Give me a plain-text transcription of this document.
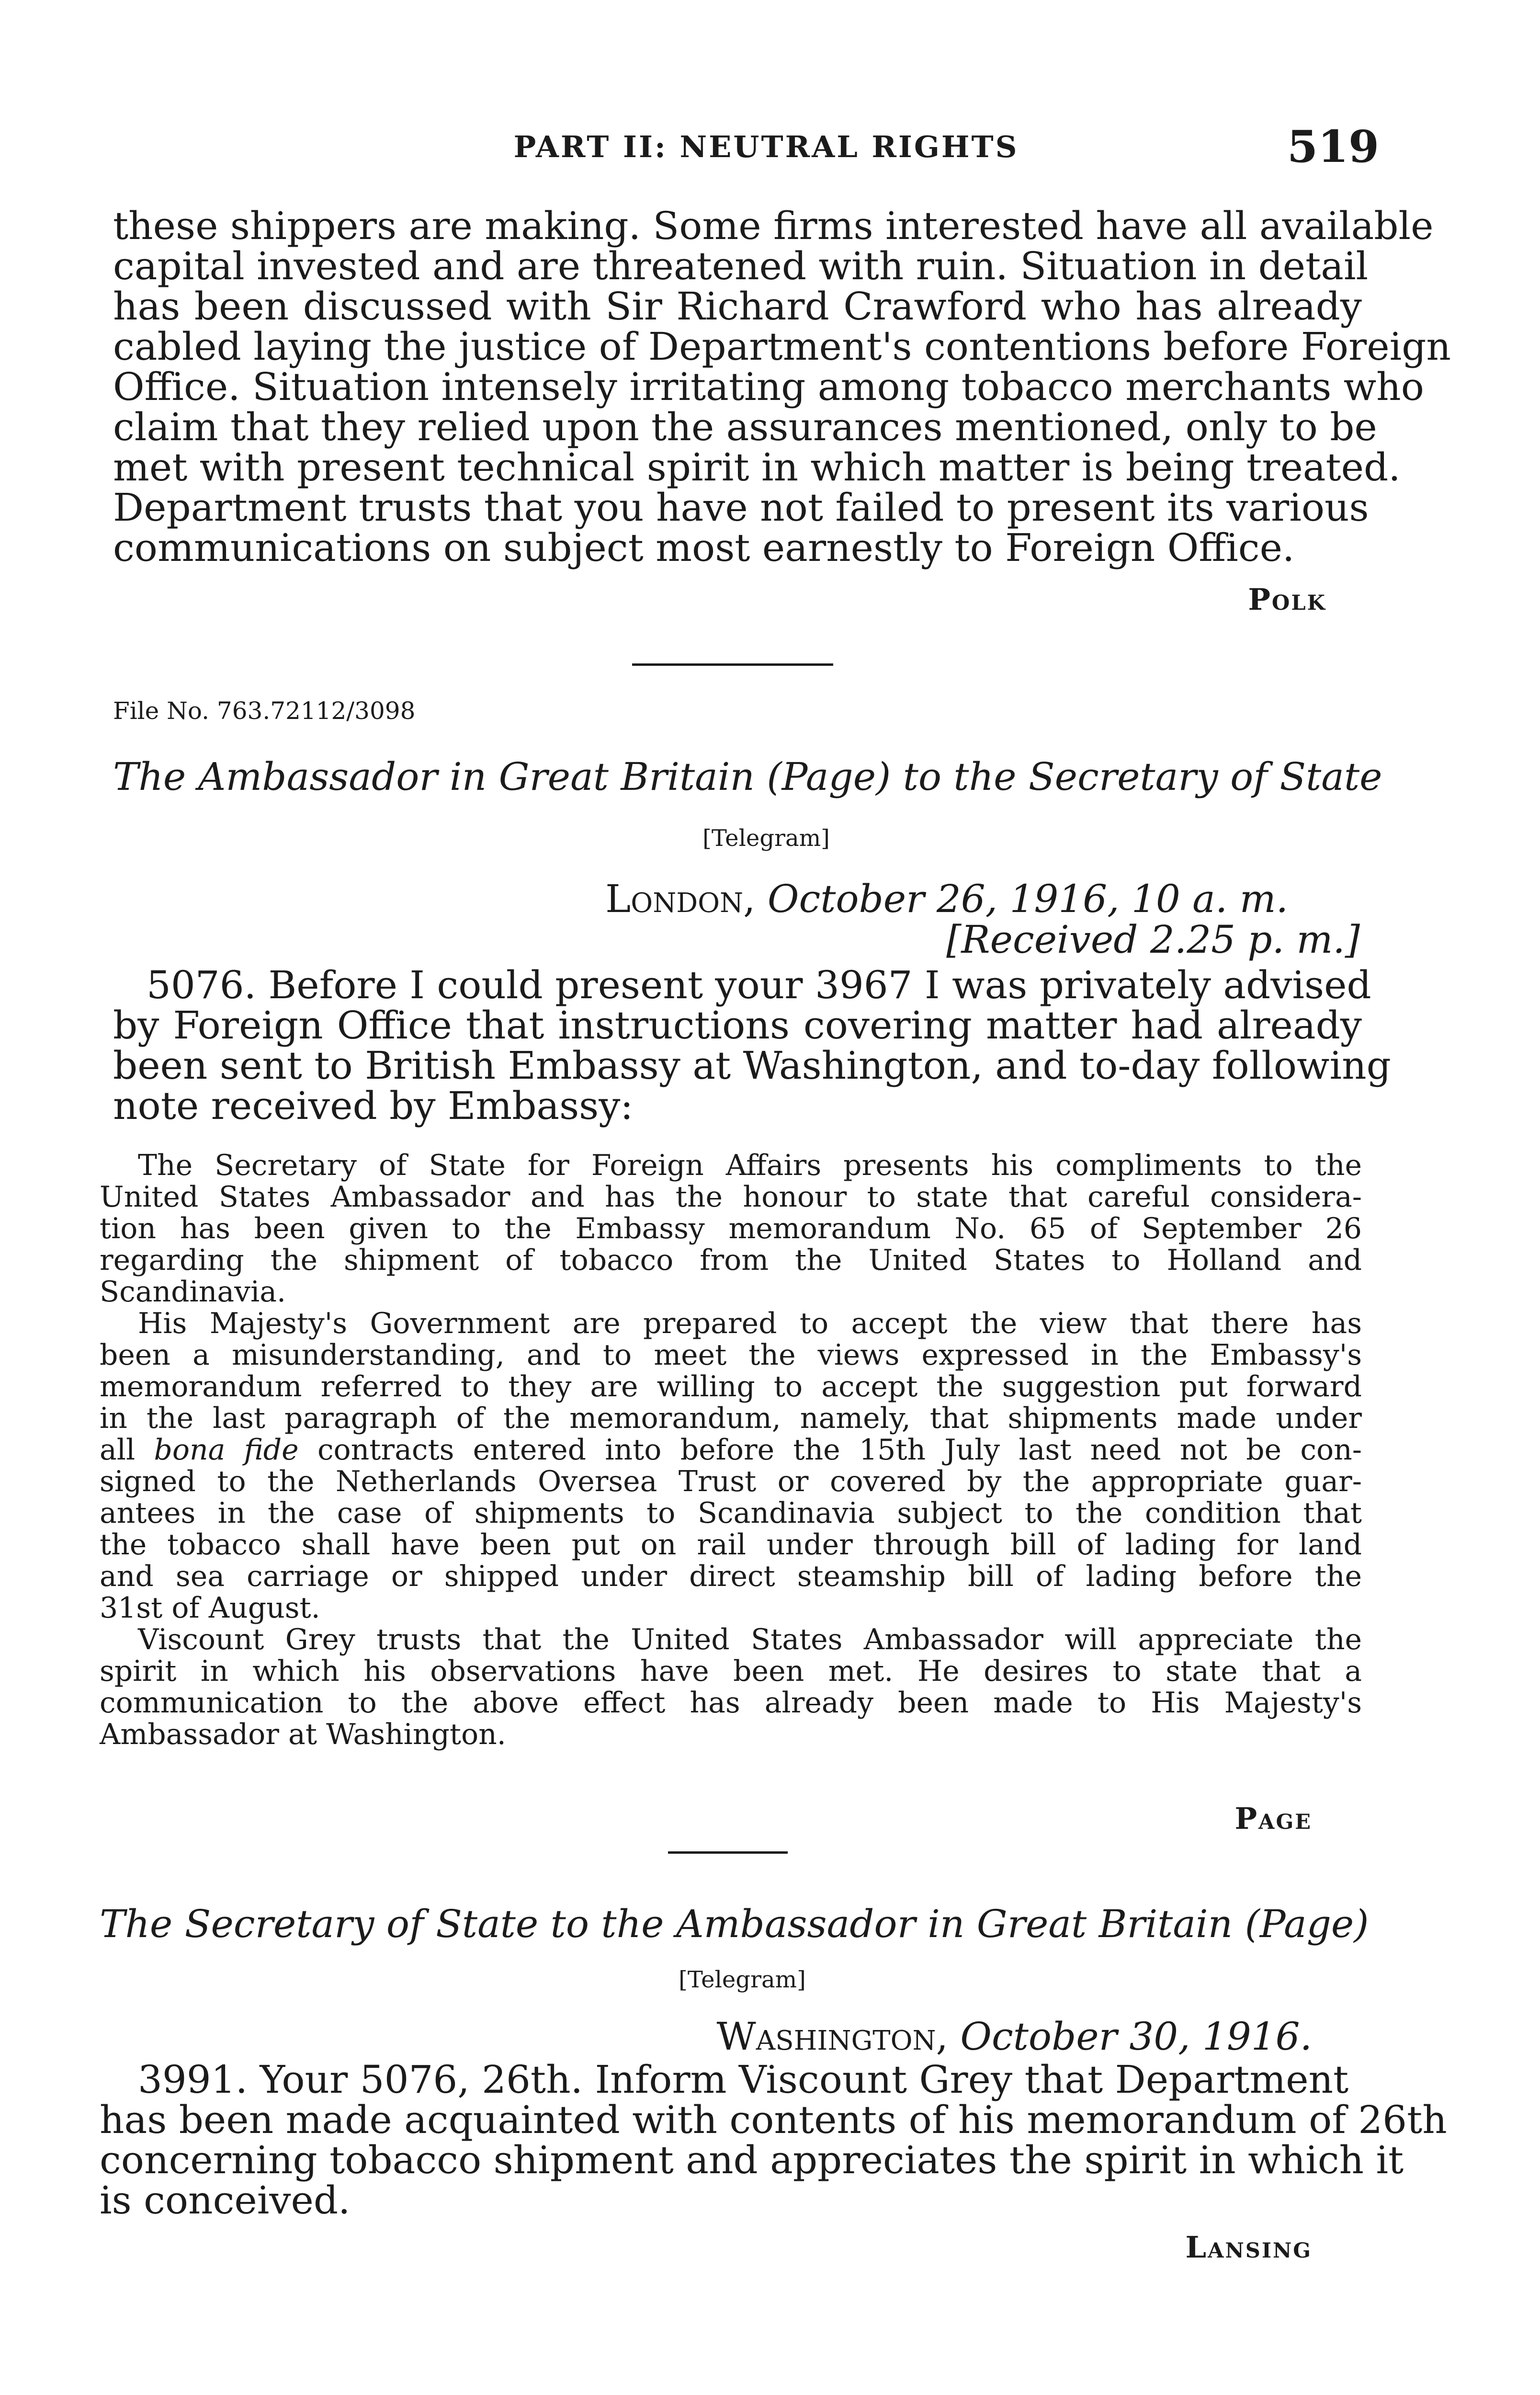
PART II: NEUTRAL RIGHTS	519
these shippers are making. Some firms interested have all available
capital invested and are threatened with ruin. Situation in detail
has been discussed with Sir Richard Crawford who has already
cabled laying the justice of Department's contentions before Foreign
Office. Situation intensely irritating among tobacco merchants who
claim that they relied upon the assurances mentioned, only to be
met with present technical spirit in which matter is being treated.
Department trusts that you have not failed to present its various
communications on subject most earnestly to Foreign Office.
Polk
File No. 763.72112/3098
The Ambassador in Great Britain (Page) to the Secretary of State
[Telegram]
London, October 26, 1916, 10 a. m.
[Received 2.25 p. m.]
5076. Before I could present your 3967 I was privately advised
by Foreign Office that instructions covering matter had already
been sent to British Embassy at Washington, and to-day following
note received by Embassy:
The Secretary of State for Foreign Affairs presents his compliments to the
United States Ambassador and has the honour to state that careful considera-
tion has been given to the Embassy memorandum No. 65 of September 26
regarding the shipment of tobacco from the United States to Holland and
Scandinavia.
His Majesty's Government are prepared to accept the view that there has
been a misunderstanding, and to meet the views expressed in the Embassy's
memorandum referred to they are willing to accept the suggestion put forward
in the last paragraph of the memorandum, namely, that shipments made under
all bona fide contracts entered into before the 15th July last need not be con-
signed to the Netherlands Oversea Trust or covered by the appropriate guar-
antees in the case of shipments to Scandinavia subject to the condition that
the tobacco shall have been put on rail under through bill of lading for land
and sea carriage or shipped under direct steamship bill of lading before the
31st of August.
Viscount Grey trusts that the United States Ambassador will appreciate the
spirit in which his observations have been met. He desires to state that a
communication to the above effect has already been made to His Majesty's
Ambassador at Washington.
Page
The Secretary of State to the Ambassador in Great Britain (Page)
[Telegram]
Washington, October 30, 1916.
3991. Your 5076, 26th. Inform Viscount Grey that Department
has been made acquainted with contents of his memorandum of 26th
concerning tobacco shipment and appreciates the spirit in which it
is conceived.
Lansing
